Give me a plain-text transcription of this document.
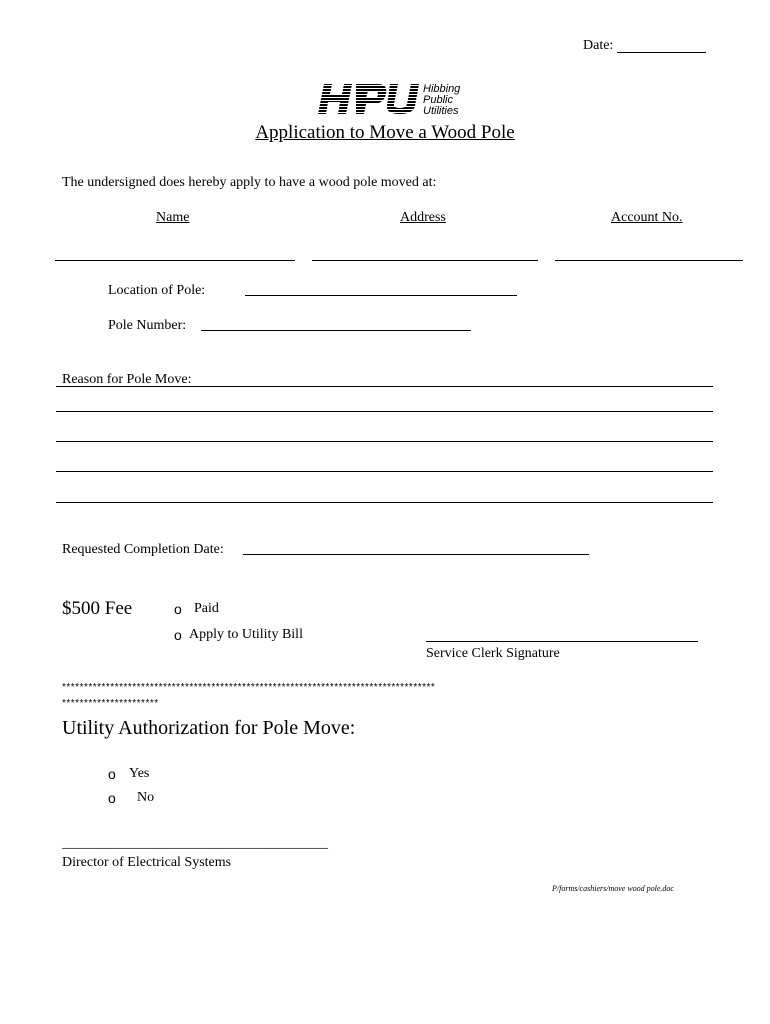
Date:
Hibbing
Public
Utilities
Application to Move a Wood Pole
The undersigned does hereby apply to have a wood pole moved at:
Name	Address	Account No.
Location of Pole:
Pole Number:
Reason for Pole Move:
Requested Completion Date:
$500 Fee	o Paid
o Apply to Utility Bill
Service Clerk Signature
*************************************************************************************
**********************
Utility Authorization for Pole Move:
o Yes
o No
______________________________________
Director of Electrical Systems
P/forms/cashiers/move wood pole.doc
